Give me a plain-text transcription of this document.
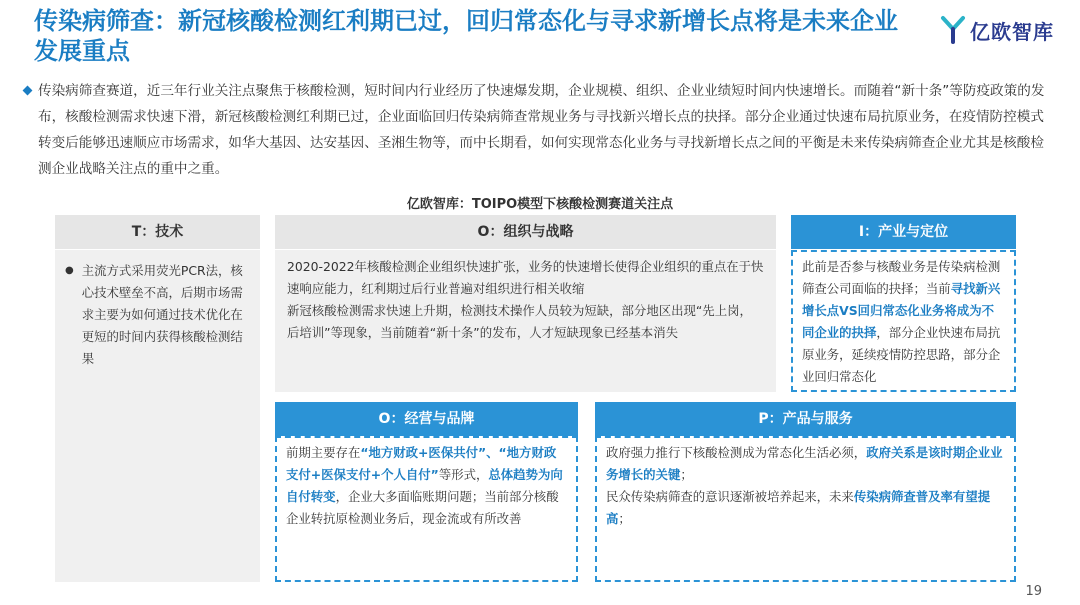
传染病筛查：新冠核酸检测红利期已过，回归常态化与寻求新增长点将是未来企业发展重点
亿欧智库
传染病筛查赛道，近三年行业关注点聚焦于核酸检测，短时间内行业经历了快速爆发期，企业规模、组织、企业业绩短时间内快速增长。而随着“新十条”等防疫政策的发布，核酸检测需求快速下滑，新冠核酸检测红利期已过，企业面临回归传染病筛查常规业务与寻找新兴增长点的抉择。部分企业通过快速布局抗原业务，在疫情防控模式转变后能够迅速顺应市场需求，如华大基因、达安基因、圣湘生物等，而中长期看，如何实现常态化业务与寻找新增长点之间的平衡是未来传染病筛查企业尤其是核酸检测企业战略关注点的重中之重。
亿欧智库：TOIPO模型下核酸检测赛道关注点
T：技术
● 主流方式采用荧光PCR法，核心技术壁垒不高，后期市场需求主要为如何通过技术优化在更短的时间内获得核酸检测结果
O：组织与战略
2020-2022年核酸检测企业组织快速扩张，业务的快速增长使得企业组织的重点在于快速响应能力，红利期过后行业普遍对组织进行相关收缩
新冠核酸检测需求快速上升期，检测技术操作人员较为短缺，部分地区出现“先上岗，后培训”等现象，当前随着“新十条”的发布，人才短缺现象已经基本消失
I：产业与定位
此前是否参与核酸业务是传染病检测筛查公司面临的抉择；当前寻找新兴增长点VS回归常态化业务将成为不同企业的抉择，部分企业快速布局抗原业务，延续疫情防控思路，部分企业回归常态化
O：经营与品牌
前期主要存在“地方财政+医保共付”、“地方财政支付+医保支付+个人自付”等形式，总体趋势为向自付转变，企业大多面临账期问题；当前部分核酸企业转抗原检测业务后，现金流或有所改善
P：产品与服务
政府强力推行下核酸检测成为常态化生活必须，政府关系是该时期企业业务增长的关键；
民众传染病筛查的意识逐渐被培养起来，未来传染病筛查普及率有望提高；
19
